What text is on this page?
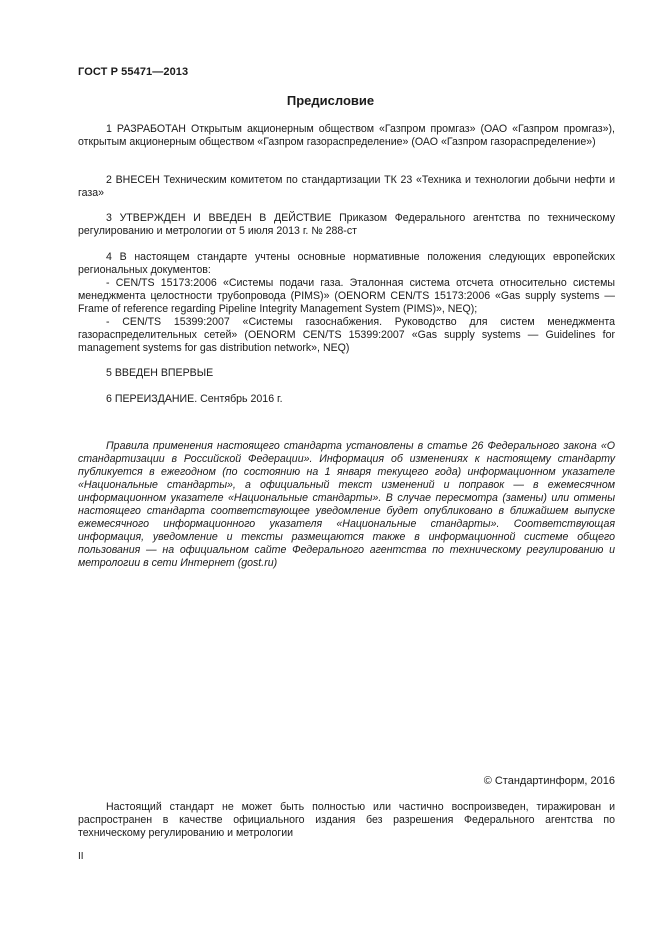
ГОСТ Р 55471—2013
Предисловие
1 РАЗРАБОТАН Открытым акционерным обществом «Газпром промгаз» (ОАО «Газпром промгаз»), открытым акционерным обществом «Газпром газораспределение» (ОАО «Газпром газораспределение»)
2 ВНЕСЕН Техническим комитетом по стандартизации ТК 23 «Техника и технологии добычи нефти и газа»
3 УТВЕРЖДЕН И ВВЕДЕН В ДЕЙСТВИЕ Приказом Федерального агентства по техническому регулированию и метрологии от 5 июля 2013 г. № 288-ст

4 В настоящем стандарте учтены основные нормативные положения следующих европейских региональных документов:

- CEN/TS 15173:2006 «Системы подачи газа. Эталонная система отсчета относительно системы менеджмента целостности трубопровода (PIMS)» (OENORM CEN/TS 15173:2006 «Gas supply systems — Frame of reference regarding Pipeline Integrity Management System (PIMS)», NEQ);

- CEN/TS 15399:2007 «Системы газоснабжения. Руководство для систем менеджмента газораспределительных сетей» (OENORM CEN/TS 15399:2007 «Gas supply systems — Guidelines for management systems for gas distribution network», NEQ)

5 ВВЕДЕН ВПЕРВЫЕ
6 ПЕРЕИЗДАНИЕ. Сентябрь 2016 г.
Правила применения настоящего стандарта установлены в статье 26 Федерального закона «О стандартизации в Российской Федерации». Информация об изменениях к настоящему стандарту публикуется в ежегодном (по состоянию на 1 января текущего года) информационном указателе «Национальные стандарты», а официальный текст изменений и поправок — в ежемесячном информационном указателе «Национальные стандарты». В случае пересмотра (замены) или отмены настоящего стандарта соответствующее уведомление будет опубликовано в ближайшем выпуске ежемесячного информационного указателя «Национальные стандарты». Соответствующая информация, уведомление и тексты размещаются также в информационной системе общего пользования — на официальном сайте Федерального агентства по техническому регулированию и метрологии в сети Интернет (gost.ru)
© Стандартинформ, 2016
Настоящий стандарт не может быть полностью или частично воспроизведен, тиражирован и распространен в качестве официального издания без разрешения Федерального агентства по техническому регулированию и метрологии
II
